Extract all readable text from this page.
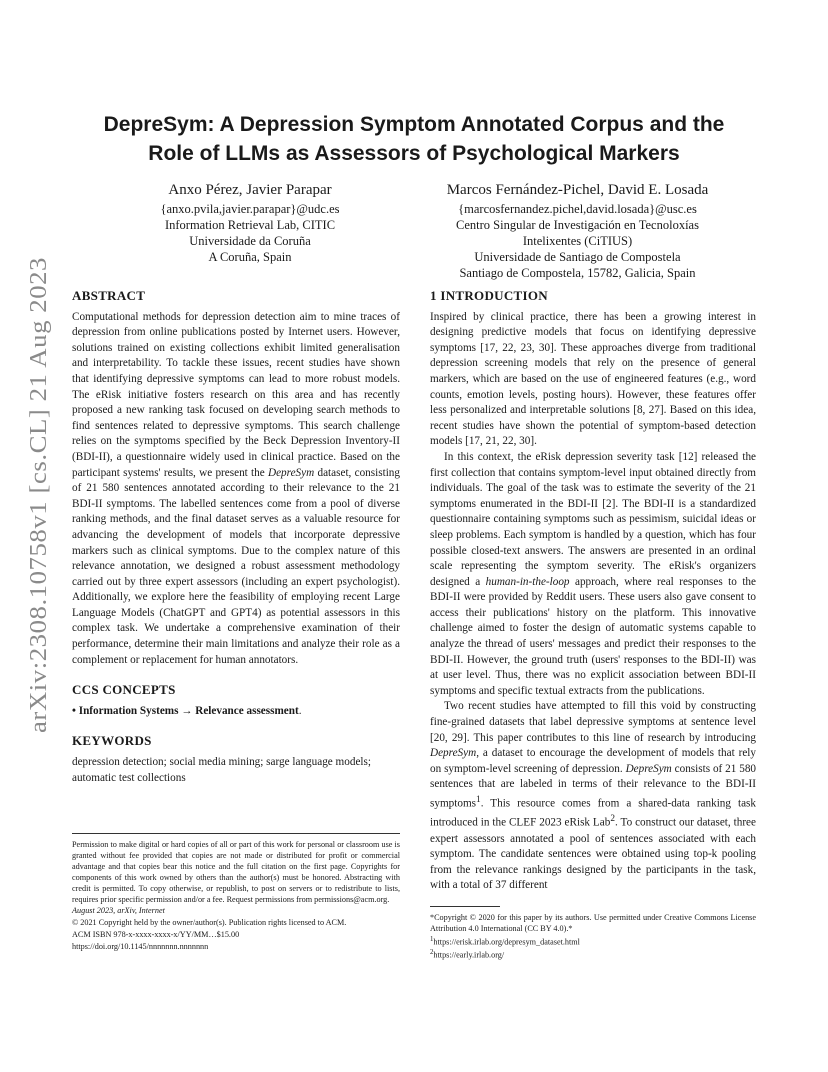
arXiv:2308.10758v1 [cs.CL] 21 Aug 2023
DepreSym: A Depression Symptom Annotated Corpus and the
Role of LLMs as Assessors of Psychological Markers
Anxo Pérez, Javier Parapar
{anxo.pvila,javier.parapar}@udc.es
Information Retrieval Lab, CITIC
Universidade da Coruña
A Coruña, Spain
Marcos Fernández-Pichel, David E. Losada
{marcosfernandez.pichel,david.losada}@usc.es
Centro Singular de Investigación en Tecnoloxías
Intelixentes (CiTIUS)
Universidade de Santiago de Compostela
Santiago de Compostela, 15782, Galicia, Spain
ABSTRACT

Computational methods for depression detection aim to mine traces of depression from online publications posted by Internet users. However, solutions trained on existing collections exhibit limited generalisation and interpretability. To tackle these issues, recent studies have shown that identifying depressive symptoms can lead to more robust models. The eRisk initiative fosters research on this area and has recently proposed a new ranking task focused on developing search methods to find sentences related to depressive symptoms. This search challenge relies on the symptoms specified by the Beck Depression Inventory-II (BDI-II), a questionnaire widely used in clinical practice. Based on the participant systems' results, we present the DepreSym dataset, consisting of 21 580 sentences annotated according to their relevance to the 21 BDI-II symptoms. The labelled sentences come from a pool of diverse ranking methods, and the final dataset serves as a valuable resource for advancing the development of models that incorporate depressive markers such as clinical symptoms. Due to the complex nature of this relevance annotation, we designed a robust assessment methodology carried out by three expert assessors (including an expert psychologist). Additionally, we explore here the feasibility of employing recent Large Language Models (ChatGPT and GPT4) as potential assessors in this complex task. We undertake a comprehensive examination of their performance, determine their main limitations and analyze their role as a complement or replacement for human annotators.

CCS CONCEPTS

• Information Systems → Relevance assessment.

KEYWORDS

depression detection; social media mining; sarge language models; automatic test collections

Permission to make digital or hard copies of all or part of this work for personal or classroom use is granted without fee provided that copies are not made or distributed for profit or commercial advantage and that copies bear this notice and the full citation on the first page. Copyrights for components of this work owned by others than the author(s) must be honored. Abstracting with credit is permitted. To copy otherwise, or republish, to post on servers or to redistribute to lists, requires prior specific permission and/or a fee. Request permissions from permissions@acm.org.

August 2023, arXiv, Internet

© 2021 Copyright held by the owner/author(s). Publication rights licensed to ACM.

ACM ISBN 978-x-xxxx-xxxx-x/YY/MM…$15.00

https://doi.org/10.1145/nnnnnnn.nnnnnnn

1 INTRODUCTION

Inspired by clinical practice, there has been a growing interest in designing predictive models that focus on identifying depressive symptoms [17, 22, 23, 30]. These approaches diverge from traditional depression screening models that rely on the presence of general markers, which are based on the use of engineered features (e.g., word counts, emotion levels, posting hours). However, these features offer less personalized and interpretable solutions [8, 27]. Based on this idea, recent studies have shown the potential of symptom-based detection models [17, 21, 22, 30].

In this context, the eRisk depression severity task [12] released the first collection that contains symptom-level input obtained directly from individuals. The goal of the task was to estimate the severity of the 21 symptoms enumerated in the BDI-II [2]. The BDI-II is a standardized questionnaire containing symptoms such as pessimism, suicidal ideas or sleep problems. Each symptom is handled by a question, which has four possible closed-text answers. The answers are presented in an ordinal scale representing the symptom severity. The eRisk's organizers designed a human-in-the-loop approach, where real responses to the BDI-II were provided by Reddit users. These users also gave consent to access their publications' history on the platform. This innovative challenge aimed to foster the design of automatic systems capable to analyze the thread of users' messages and predict their responses to the BDI-II. However, the ground truth (users' responses to the BDI-II) was at user level. Thus, there was no explicit association between BDI-II symptoms and specific textual extracts from the publications.

Two recent studies have attempted to fill this void by constructing fine-grained datasets that label depressive symptoms at sentence level [20, 29]. This paper contributes to this line of research by introducing DepreSym, a dataset to encourage the development of models that rely on symptom-level screening of depression. DepreSym consists of 21 580 sentences that are labeled in terms of their relevance to the BDI-II symptoms$^1$. This resource comes from a shared-data ranking task introduced in the CLEF 2023 eRisk Lab$^2$. To construct our dataset, three expert assessors annotated a pool of sentences associated with each symptom. The candidate sentences were obtained using top-k pooling from the relevance rankings designed by the participants in the task, with a total of 37 different

*Copyright © 2020 for this paper by its authors. Use permitted under Creative Commons License Attribution 4.0 International (CC BY 4.0).*

$^1$https://erisk.irlab.org/depresym_dataset.html

$^2$https://early.irlab.org/
